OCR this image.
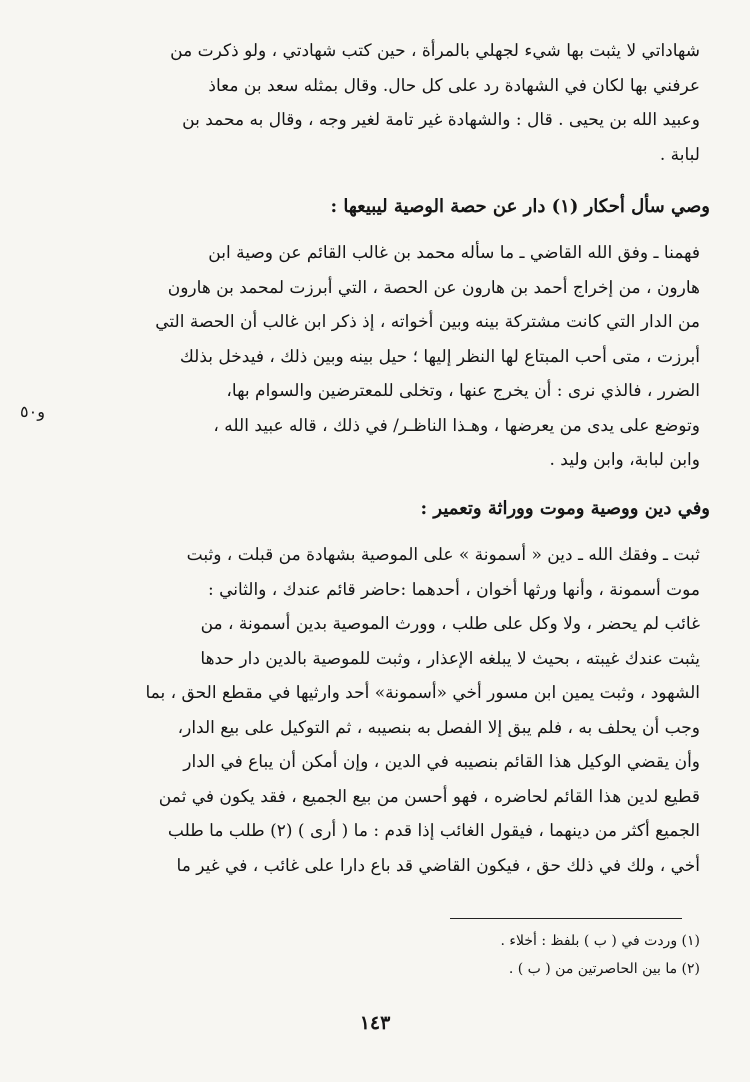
شهاداتي لا يثبت بها شيء لجهلي بالمرأة ، حين كتب شهادتي ، ولو ذكرت من
عرفني بها لكان في الشهادة رد على كل حال. وقال بمثله سعد بن معاذ
وعبيد الله بن يحيى . قال : والشهادة غير تامة لغير وجه ، وقال به محمد بن
لبابة .
وصي سأل أحكار (١) دار عن حصة الوصية ليبيعها :
فهمنا ـ وفق الله القاضي ـ ما سأله محمد بن غالب القائم عن وصية ابن
هارون ، من إخراج أحمد بن هارون عن الحصة ، التي أبرزت لمحمد بن هارون
من الدار التي كانت مشتركة بينه وبين أخواته ، إذ ذكر ابن غالب أن الحصة التي
أبرزت ، متى أحب المبتاع لها النظر إليها ؛ حيل بينه وبين ذلك ، فيدخل بذلك
الضرر ، فالذي نرى : أن يخرج عنها ، وتخلى للمعترضين والسوام بها،
وتوضع على يدى من يعرضها ، وهـذا الناظـر/ في ذلك ، قاله عبيد الله ،
وابن لبابة، وابن وليد .
و٥٠
وفي دين ووصية وموت ووراثة وتعمير :
ثبت ـ وفقك الله ـ دين « أسمونة » على الموصية بشهادة من قبلت ، وثبت
موت أسمونة ، وأنها ورثها أخوان ، أحدهما :حاضر قائم عندك ، والثاني :
غائب لم يحضر ، ولا وكل على طلب ، وورث الموصية بدين أسمونة ، من
يثبت عندك غيبته ، بحيث لا يبلغه الإعذار ، وثبت للموصية بالدين دار حدها
الشهود ، وثبت يمين ابن مسور أخي «أسمونة» أحد وارثيها في مقطع الحق ، بما
وجب أن يحلف به ، فلم يبق إلا الفصل به بنصيبه ، ثم التوكيل على بيع الدار،
وأن يقضي الوكيل هذا القائم بنصيبه في الدين ، وإن أمكن أن يباع في الدار
قطيع لدين هذا القائم لحاضره ، فهو أحسن من بيع الجميع ، فقد يكون في ثمن
الجميع أكثر من دينهما ، فيقول الغائب إذا قدم : ما ( أرى ) (٢) طلب ما طلب
أخي ، ولك في ذلك حق ، فيكون القاضي قد باع دارا على غائب ، في غير ما
(١) وردت في ( ب ) بلفظ : أخلاء .
(٢) ما بين الحاصرتين من ( ب ) .
١٤٣
